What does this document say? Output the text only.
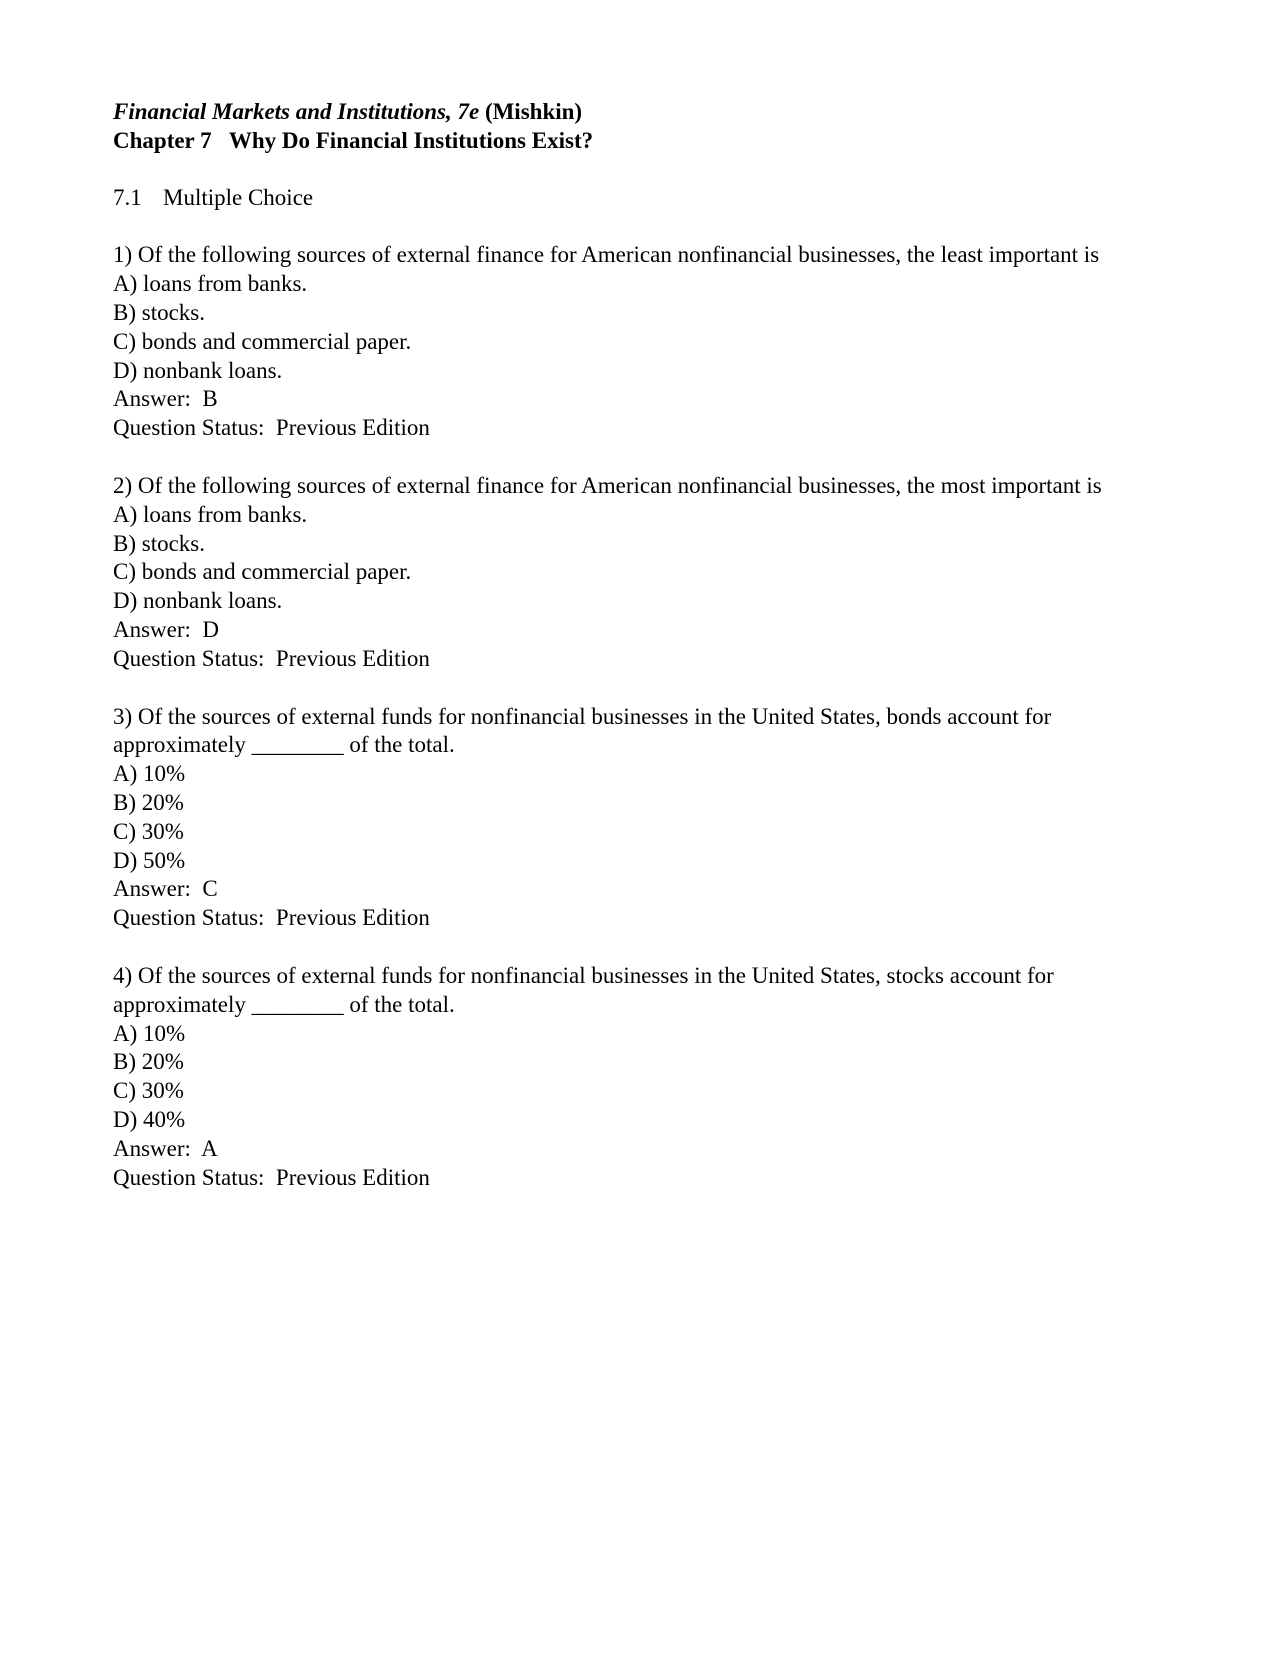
Financial Markets and Institutions, 7e (Mishkin)
Chapter 7 Why Do Financial Institutions Exist?
7.1 Multiple Choice
1) Of the following sources of external finance for American nonfinancial businesses, the least important is
A) loans from banks.
B) stocks.
C) bonds and commercial paper.
D) nonbank loans.
Answer:  B
Question Status:  Previous Edition
2) Of the following sources of external finance for American nonfinancial businesses, the most important is
A) loans from banks.
B) stocks.
C) bonds and commercial paper.
D) nonbank loans.
Answer:  D
Question Status:  Previous Edition
3) Of the sources of external funds for nonfinancial businesses in the United States, bonds account for approximately ________ of the total.
A) 10%
B) 20%
C) 30%
D) 50%
Answer:  C
Question Status:  Previous Edition
4) Of the sources of external funds for nonfinancial businesses in the United States, stocks account for approximately ________ of the total.
A) 10%
B) 20%
C) 30%
D) 40%
Answer:  A
Question Status:  Previous Edition
